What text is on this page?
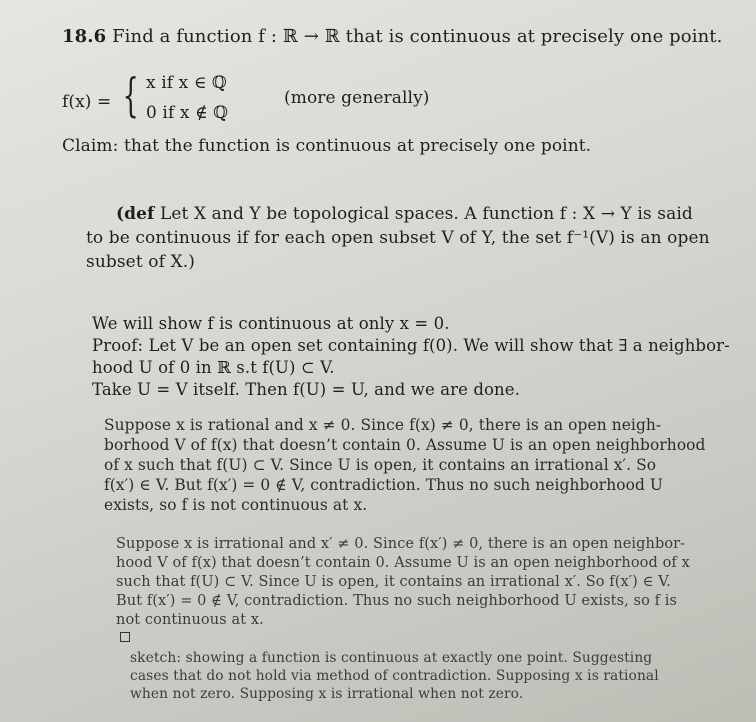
18.6 Find a function f : ℝ → ℝ that is continuous at precisely one point.
f(x) = { x if x ∈ ℚ
0 if x ∉ ℚ
(more generally)
Claim: that the function is continuous at precisely one point.
(def Let X and Y be topological spaces. A function f : X → Y is said
to be continuous if for each open subset V of Y, the set f⁻¹(V) is an open
subset of X.)
We will show f is continuous at only x = 0.
Proof: Let V be an open set containing f(0). We will show that ∃ a neighbor-
hood U of 0 in ℝ s.t f(U) ⊂ V.
Take U = V itself. Then f(U) = U, and we are done.
Suppose x is rational and x ≠ 0. Since f(x) ≠ 0, there is an open neigh-
borhood V of f(x) that doesn’t contain 0. Assume U is an open neighborhood
of x such that f(U) ⊂ V. Since U is open, it contains an irrational x′. So
f(x′) ∈ V. But f(x′) = 0 ∉ V, contradiction. Thus no such neighborhood U
exists, so f is not continuous at x.
Suppose x is irrational and x′ ≠ 0. Since f(x′) ≠ 0, there is an open neighbor-
hood V of f(x) that doesn’t contain 0. Assume U is an open neighborhood of x
such that f(U) ⊂ V. Since U is open, it contains an irrational x′. So f(x′) ∈ V.
But f(x′) = 0 ∉ V, contradiction. Thus no such neighborhood U exists, so f is
not continuous at x.
sketch: showing a function is continuous at exactly one point. Suggesting
cases that do not hold via method of contradiction. Supposing x is rational
when not zero. Supposing x is irrational when not zero.
